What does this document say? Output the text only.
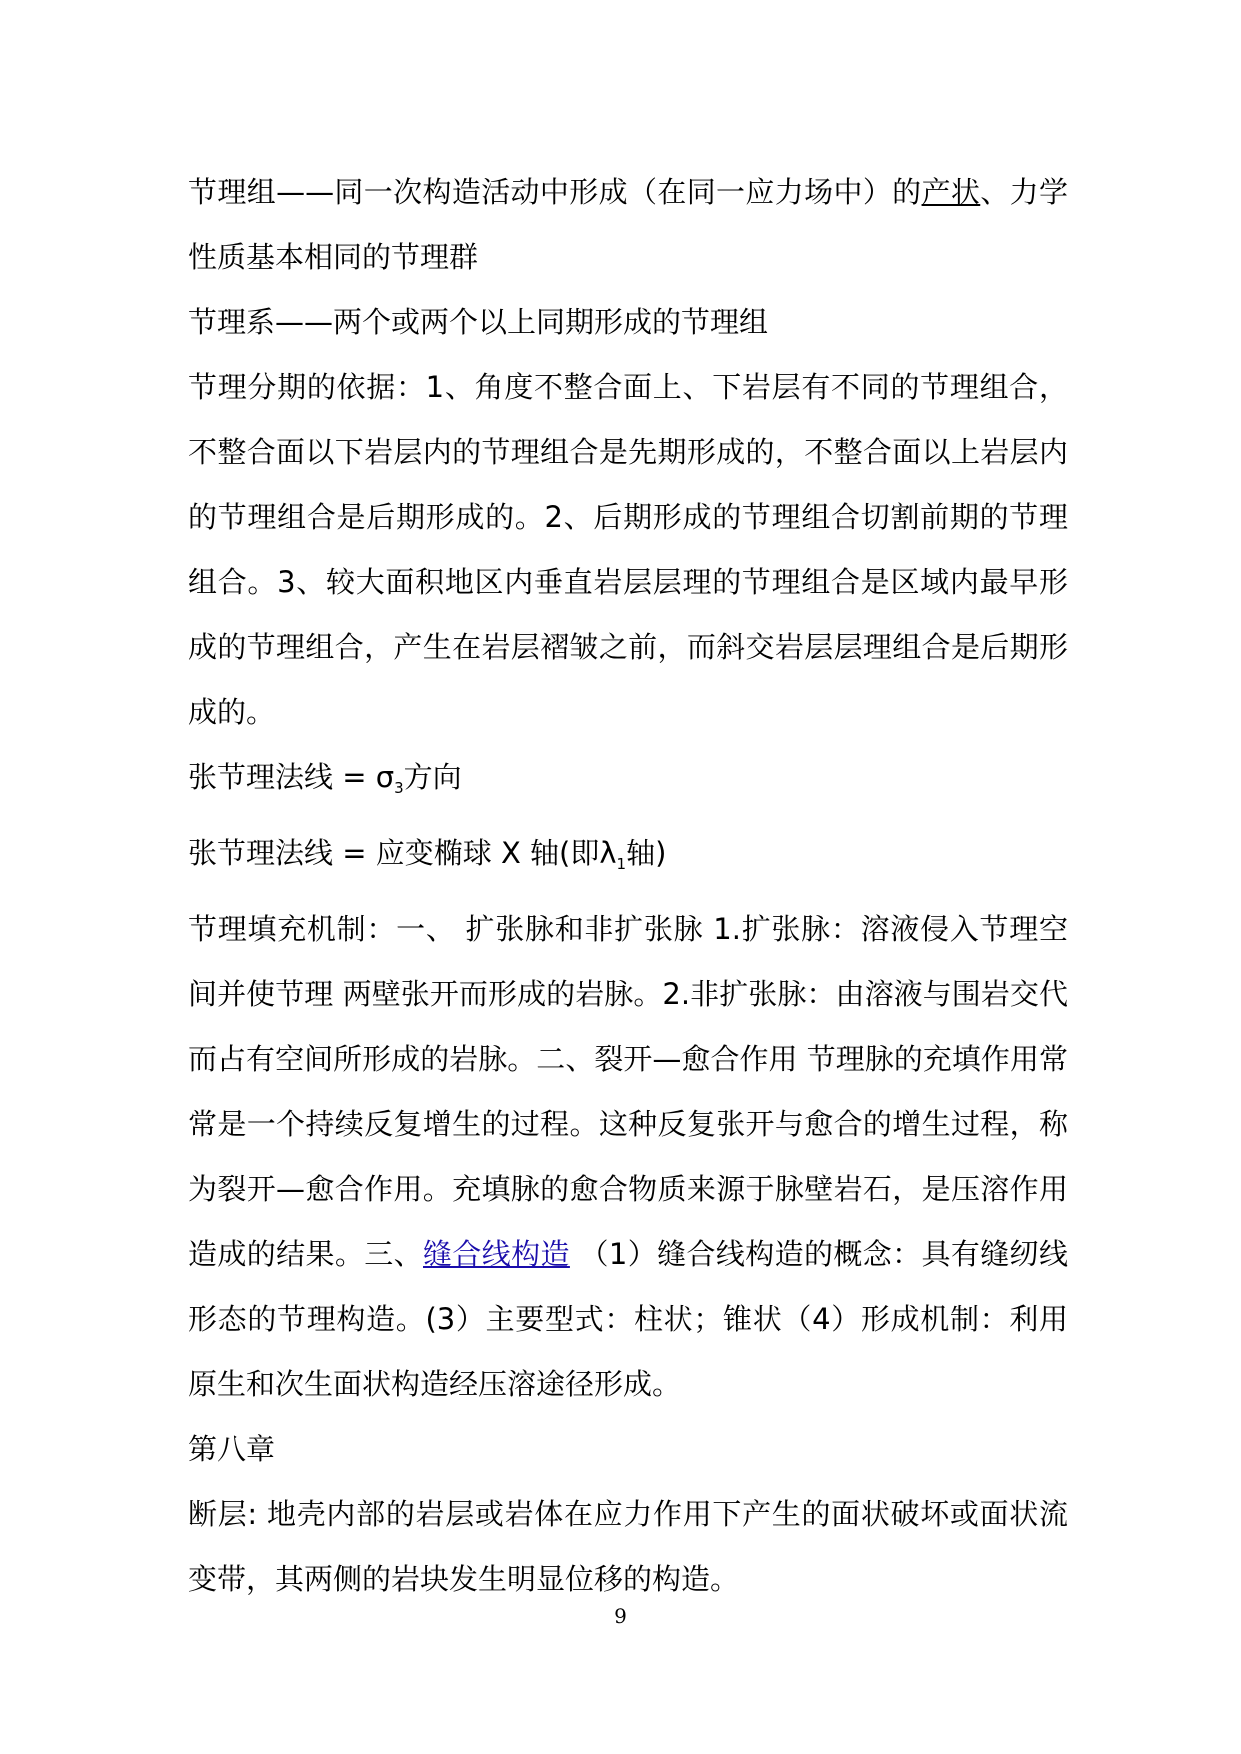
节理组——同一次构造活动中形成（在同一应力场中）的产状、力学性质基本相同的节理群

节理系——两个或两个以上同期形成的节理组

节理分期的依据：1、角度不整合面上、下岩层有不同的节理组合，不整合面以下岩层内的节理组合是先期形成的，不整合面以上岩层内的节理组合是后期形成的。2、后期形成的节理组合切割前期的节理组合。3、较大面积地区内垂直岩层层理的节理组合是区域内最早形成的节理组合，产生在岩层褶皱之前，而斜交岩层层理组合是后期形成的。

张节理法线 = $\sigma_3$方向

张节理法线 = 应变椭球 X 轴(即$\lambda_1$轴)

节理填充机制：一、 扩张脉和非扩张脉 1.扩张脉：溶液侵入节理空间并使节理 两壁张开而形成的岩脉。2.非扩张脉：由溶液与围岩交代而占有空间所形成的岩脉。二、裂开—愈合作用 节理脉的充填作用常常是一个持续反复增生的过程。这种反复张开与愈合的增生过程，称为裂开—愈合作用。充填脉的愈合物质来源于脉壁岩石，是压溶作用造成的结果。三、缝合线构造 （1）缝合线构造的概念：具有缝纫线形态的节理构造。(3）主要型式：柱状；锥状（4）形成机制：利用原生和次生面状构造经压溶途径形成。

第八章

断层: 地壳内部的岩层或岩体在应力作用下产生的面状破坏或面状流变带，其两侧的岩块发生明显位移的构造。

9
